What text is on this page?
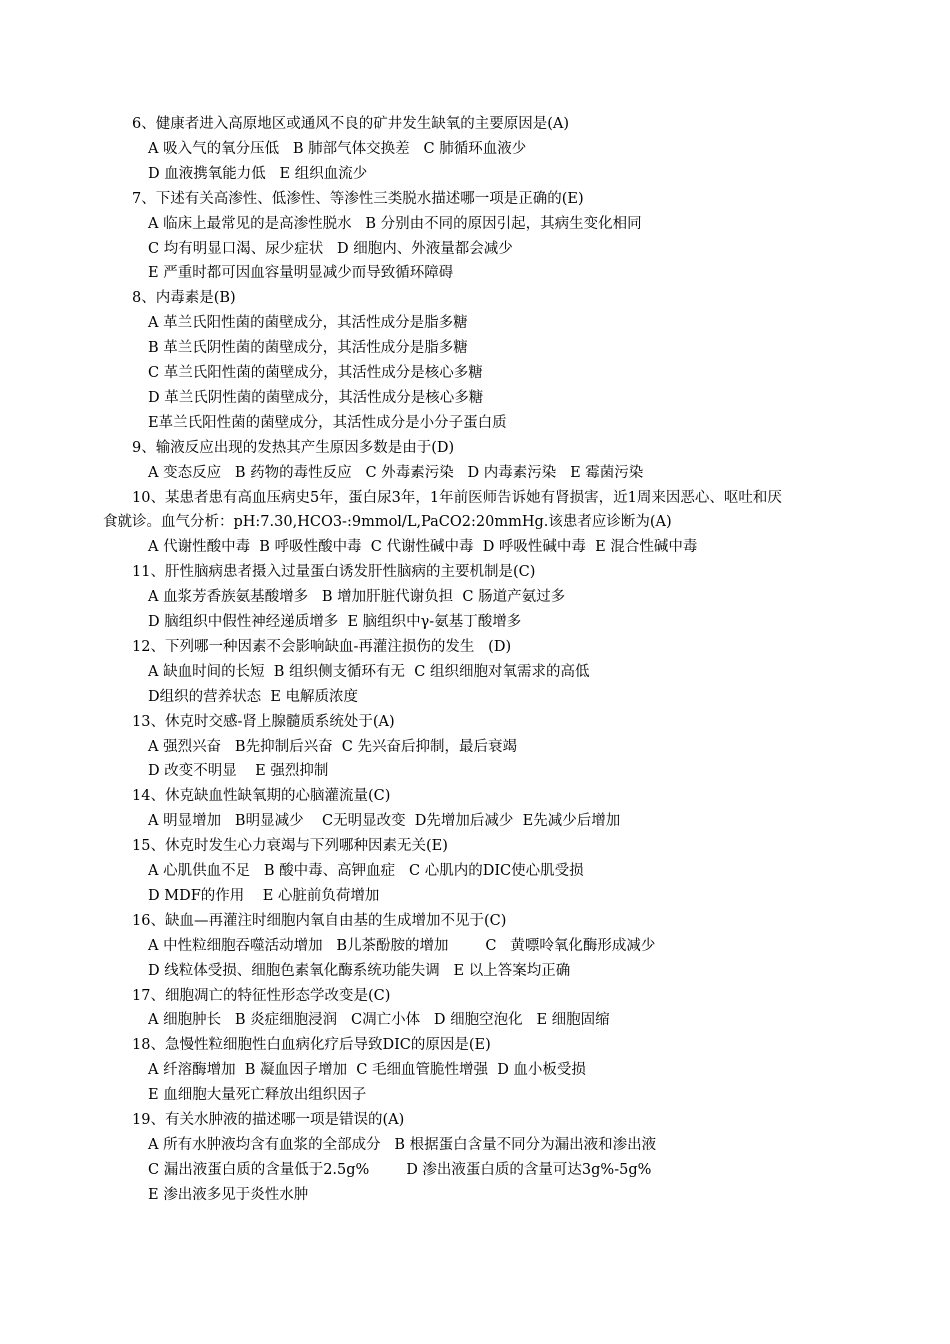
6、健康者进入高原地区或通风不良的矿井发生缺氧的主要原因是(A)
A 吸入气的氧分压低   B 肺部气体交换差   C 肺循环血液少
D 血液携氧能力低   E 组织血流少
7、下述有关高渗性、低渗性、等渗性三类脱水描述哪一项是正确的(E)
A 临床上最常见的是高渗性脱水   B 分别由不同的原因引起，其病生变化相同
C 均有明显口渴、尿少症状   D 细胞内、外液量都会减少
E 严重时都可因血容量明显减少而导致循环障碍
8、内毒素是(B)
A 革兰氏阳性菌的菌壁成分，其活性成分是脂多糖
B 革兰氏阴性菌的菌壁成分，其活性成分是脂多糖
C 革兰氏阳性菌的菌壁成分，其活性成分是核心多糖
D 革兰氏阴性菌的菌壁成分，其活性成分是核心多糖
E革兰氏阳性菌的菌壁成分，其活性成分是小分子蛋白质
9、输液反应出现的发热其产生原因多数是由于(D)
A 变态反应   B 药物的毒性反应   C 外毒素污染   D 内毒素污染   E 霉菌污染
10、某患者患有高血压病史5年，蛋白尿3年，1年前医师告诉她有肾损害，近1周来因恶心、呕吐和厌
食就诊。血气分析：pH:7.30,HCO3-:9mmol/L,PaCO2:20mmHg.该患者应诊断为(A)
A 代谢性酸中毒  B 呼吸性酸中毒  C 代谢性碱中毒  D 呼吸性碱中毒  E 混合性碱中毒
11、肝性脑病患者摄入过量蛋白诱发肝性脑病的主要机制是(C)
A 血浆芳香族氨基酸增多   B 增加肝脏代谢负担  C 肠道产氨过多
D 脑组织中假性神经递质增多  E 脑组织中γ-氨基丁酸增多
12、下列哪一种因素不会影响缺血-再灌注损伤的发生   (D)
A 缺血时间的长短  B 组织侧支循环有无  C 组织细胞对氧需求的高低
D组织的营养状态  E 电解质浓度
13、休克时交感-肾上腺髓质系统处于(A)
A 强烈兴奋   B先抑制后兴奋  C 先兴奋后抑制，最后衰竭
D 改变不明显    E 强烈抑制
14、休克缺血性缺氧期的心脑灌流量(C)
A 明显增加   B明显减少    C无明显改变  D先增加后减少  E先减少后增加
15、休克时发生心力衰竭与下列哪种因素无关(E)
A 心肌供血不足   B 酸中毒、高钾血症   C 心肌内的DIC使心肌受损
D MDF的作用    E 心脏前负荷增加
16、缺血—再灌注时细胞内氧自由基的生成增加不见于(C)
A 中性粒细胞吞噬活动增加   B儿茶酚胺的增加        C   黄嘌呤氧化酶形成减少
D 线粒体受损、细胞色素氧化酶系统功能失调   E 以上答案均正确
17、细胞凋亡的特征性形态学改变是(C)
A 细胞肿长   B 炎症细胞浸润   C凋亡小体   D 细胞空泡化   E 细胞固缩
18、急慢性粒细胞性白血病化疗后导致DIC的原因是(E)
A 纤溶酶增加  B 凝血因子增加  C 毛细血管脆性增强  D 血小板受损
E 血细胞大量死亡释放出组织因子
19、有关水肿液的描述哪一项是错误的(A)
A 所有水肿液均含有血浆的全部成分   B 根据蛋白含量不同分为漏出液和渗出液
C 漏出液蛋白质的含量低于2.5g%        D 渗出液蛋白质的含量可达3g%-5g%
E 渗出液多见于炎性水肿
